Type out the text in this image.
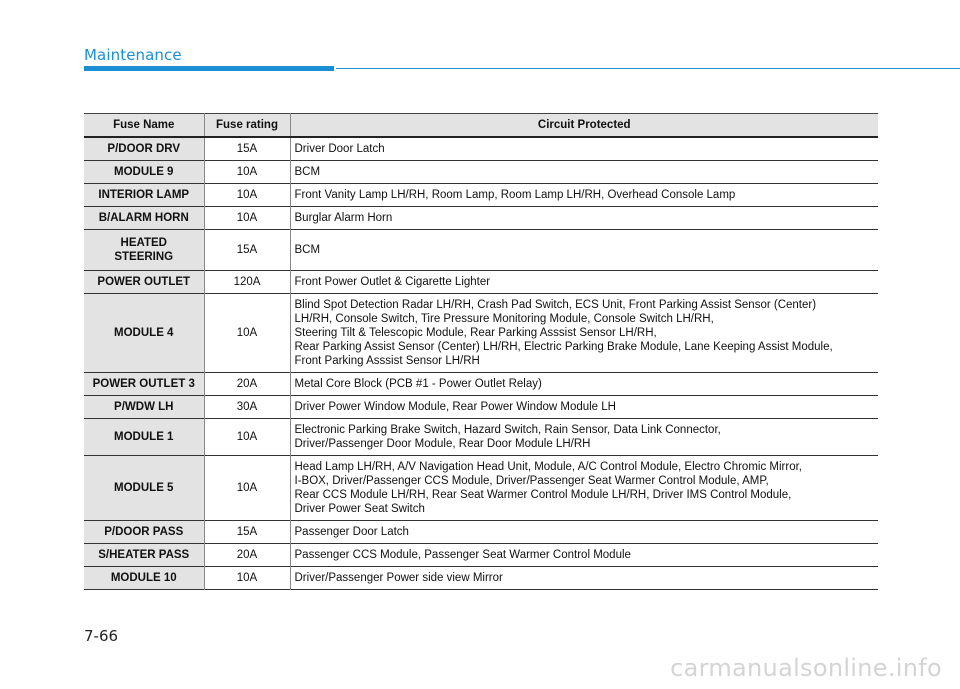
Maintenance
Fuse Name	Fuse rating	Circuit Protected
P/DOOR DRV	15A	Driver Door Latch

MODULE 9	10A	BCM

INTERIOR LAMP	10A	Front Vanity Lamp LH/RH, Room Lamp, Room Lamp LH/RH, Overhead Console Lamp

B/ALARM HORN	10A	Burglar Alarm Horn

HEATED STEERING	15A	BCM

POWER OUTLET	120A	Front Power Outlet & Cigarette Lighter

MODULE 4	10A	Blind Spot Detection Radar LH/RH, Crash Pad Switch, ECS Unit, Front Parking Assist Sensor (Center)
LH/RH, Console Switch, Tire Pressure Monitoring Module, Console Switch LH/RH,
Steering Tilt & Telescopic Module, Rear Parking Asssist Sensor LH/RH,
Rear Parking Assist Sensor (Center) LH/RH, Electric Parking Brake Module, Lane Keeping Assist Module,
Front Parking Asssist Sensor LH/RH

POWER OUTLET 3	20A	Metal Core Block (PCB #1 - Power Outlet Relay)

P/WDW LH	30A	Driver Power Window Module, Rear Power Window Module LH

MODULE 1	10A	Electronic Parking Brake Switch, Hazard Switch, Rain Sensor, Data Link Connector,
Driver/Passenger Door Module, Rear Door Module LH/RH

MODULE 5	10A	Head Lamp LH/RH, A/V Navigation Head Unit, Module, A/C Control Module, Electro Chromic Mirror,
I-BOX, Driver/Passenger CCS Module, Driver/Passenger Seat Warmer Control Module, AMP,
Rear CCS Module LH/RH, Rear Seat Warmer Control Module LH/RH, Driver IMS Control Module,
Driver Power Seat Switch

P/DOOR PASS	15A	Passenger Door Latch

S/HEATER PASS	20A	Passenger CCS Module, Passenger Seat Warmer Control Module

MODULE 10	10A	Driver/Passenger Power side view Mirror
7-66
carmanualsonline.info
